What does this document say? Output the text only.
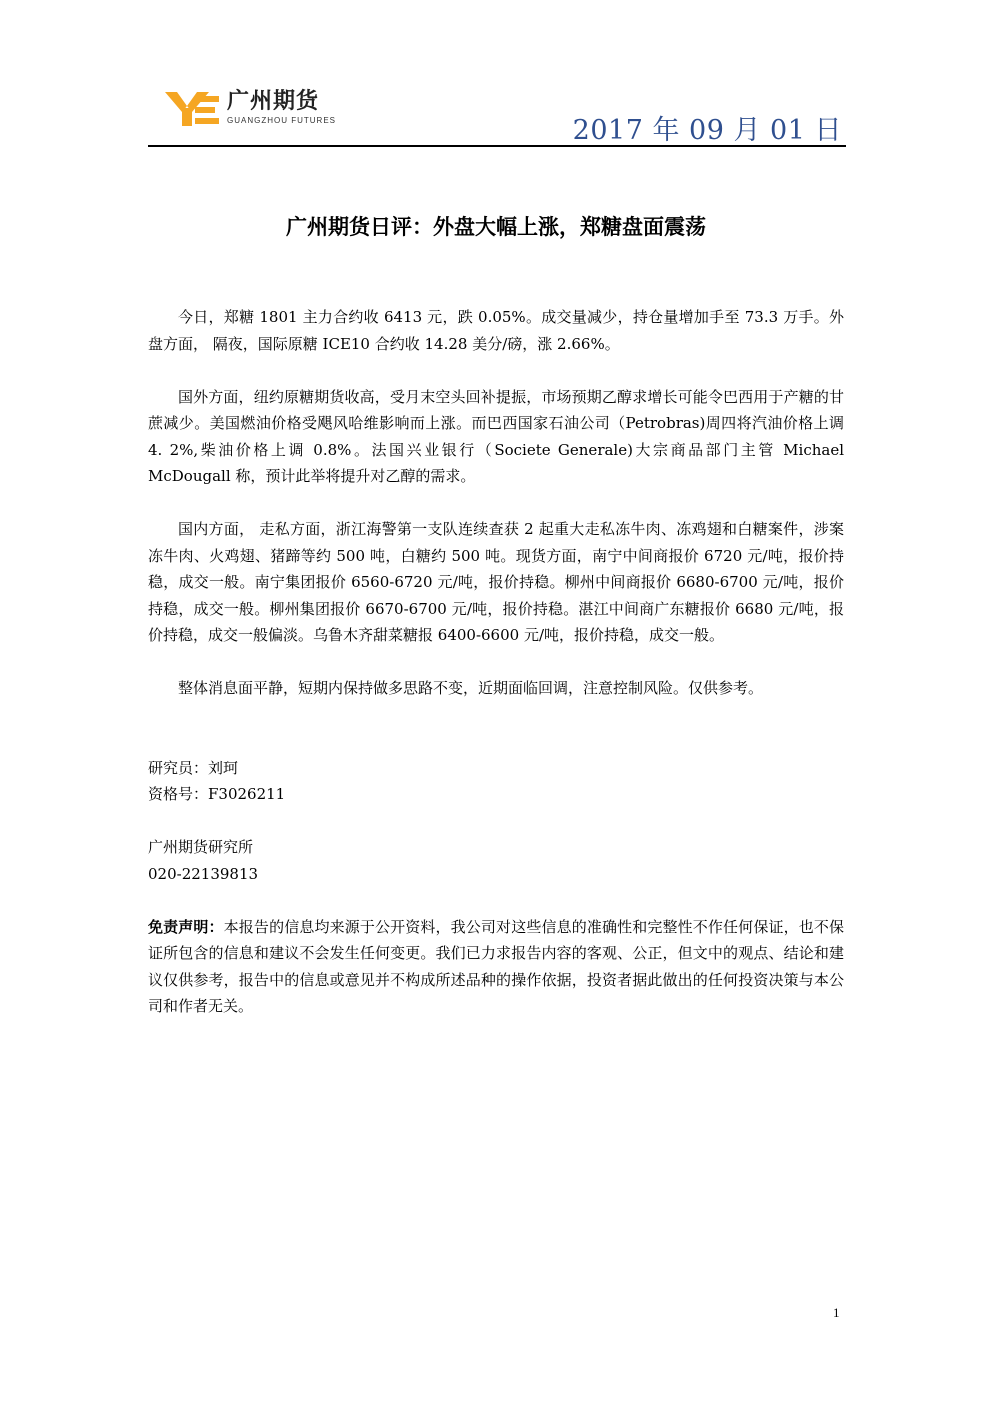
广州期货
GUANGZHOU FUTURES	2017 年 09 月 01 日
广州期货日评：外盘大幅上涨，郑糖盘面震荡

今日，郑糖 1801 主力合约收 6413 元，跌 0.05%。成交量减少，持仓量增加手至 73.3 万手。外盘方面， 隔夜，国际原糖 ICE10 合约收 14.28 美分/磅，涨 2.66%。

国外方面，纽约原糖期货收高，受月末空头回补提振，市场预期乙醇求增长可能令巴西用于产糖的甘蔗减少。美国燃油价格受飓风哈维影响而上涨。而巴西国家石油公司（Petrobras)周四将汽油价格上调 4. 2%,柴油价格上调 0.8%。法国兴业银行（Societe Generale)大宗商品部门主管 Michael McDougall 称，预计此举将提升对乙醇的需求。

国内方面， 走私方面，浙江海警第一支队连续查获 2 起重大走私冻牛肉、冻鸡翅和白糖案件，涉案冻牛肉、火鸡翅、猪蹄等约 500 吨，白糖约 500 吨。现货方面，南宁中间商报价 6720 元/吨，报价持稳，成交一般。南宁集团报价 6560-6720 元/吨，报价持稳。柳州中间商报价 6680-6700 元/吨，报价持稳，成交一般。柳州集团报价 6670-6700 元/吨，报价持稳。湛江中间商广东糖报价 6680 元/吨，报价持稳，成交一般偏淡。乌鲁木齐甜菜糖报 6400-6600 元/吨，报价持稳，成交一般。

整体消息面平静，短期内保持做多思路不变，近期面临回调，注意控制风险。仅供参考。

研究员：刘珂

资格号：F3026211

广州期货研究所

020-22139813

免责声明：本报告的信息均来源于公开资料，我公司对这些信息的准确性和完整性不作任何保证，也不保证所包含的信息和建议不会发生任何变更。我们已力求报告内容的客观、公正，但文中的观点、结论和建议仅供参考，报告中的信息或意见并不构成所述品种的操作依据，投资者据此做出的任何投资决策与本公司和作者无关。

1
